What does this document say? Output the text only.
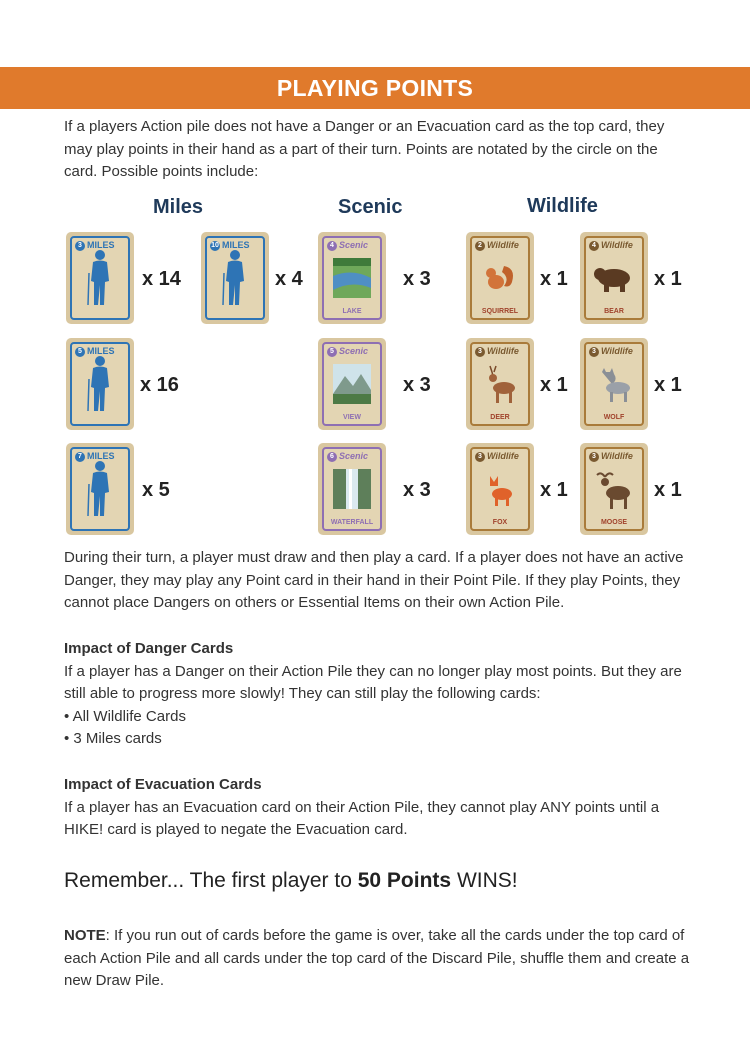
PLAYING POINTS
If a players Action pile does not have a Danger or an Evacuation card as the top card, they may play points in their hand as a part of their turn. Points are notated by the circle on the card. Possible points include:
Miles	Scenic	Wildlife
3 MILES
x 14
10 MILES
x 4
5 MILES
x 16
7 MILES
x 5
4 Scenic
LAKE
x 3
5 Scenic
VIEW
x 3
6 Scenic
WATERFALL
x 3
2 Wildlife
SQUIRREL
x 1
4 Wildlife
BEAR
x 1
3 Wildlife
DEER
x 1
3 Wildlife
WOLF
x 1
3 Wildlife
FOX
x 1
3 Wildlife
MOOSE
x 1
During their turn, a player must draw and then play a card. If a player does not have an active Danger, they may play any Point card in their hand in their Point Pile. If they play Points, they cannot place Dangers on others or Essential Items on their own Action Pile.
Impact of Danger Cards
If a player has a Danger on their Action Pile they can no longer play most points. But they are still able to progress more slowly! They can still play the following cards:
• All Wildlife Cards
• 3 Miles cards
Impact of Evacuation Cards
If a player has an Evacuation card on their Action Pile, they cannot play ANY points until a HIKE! card is played to negate the Evacuation card.
Remember... The first player to 50 Points WINS!
NOTE: If you run out of cards before the game is over, take all the cards under the top card of each Action Pile and all cards under the top card of the Discard Pile, shuffle them and create a new Draw Pile.
